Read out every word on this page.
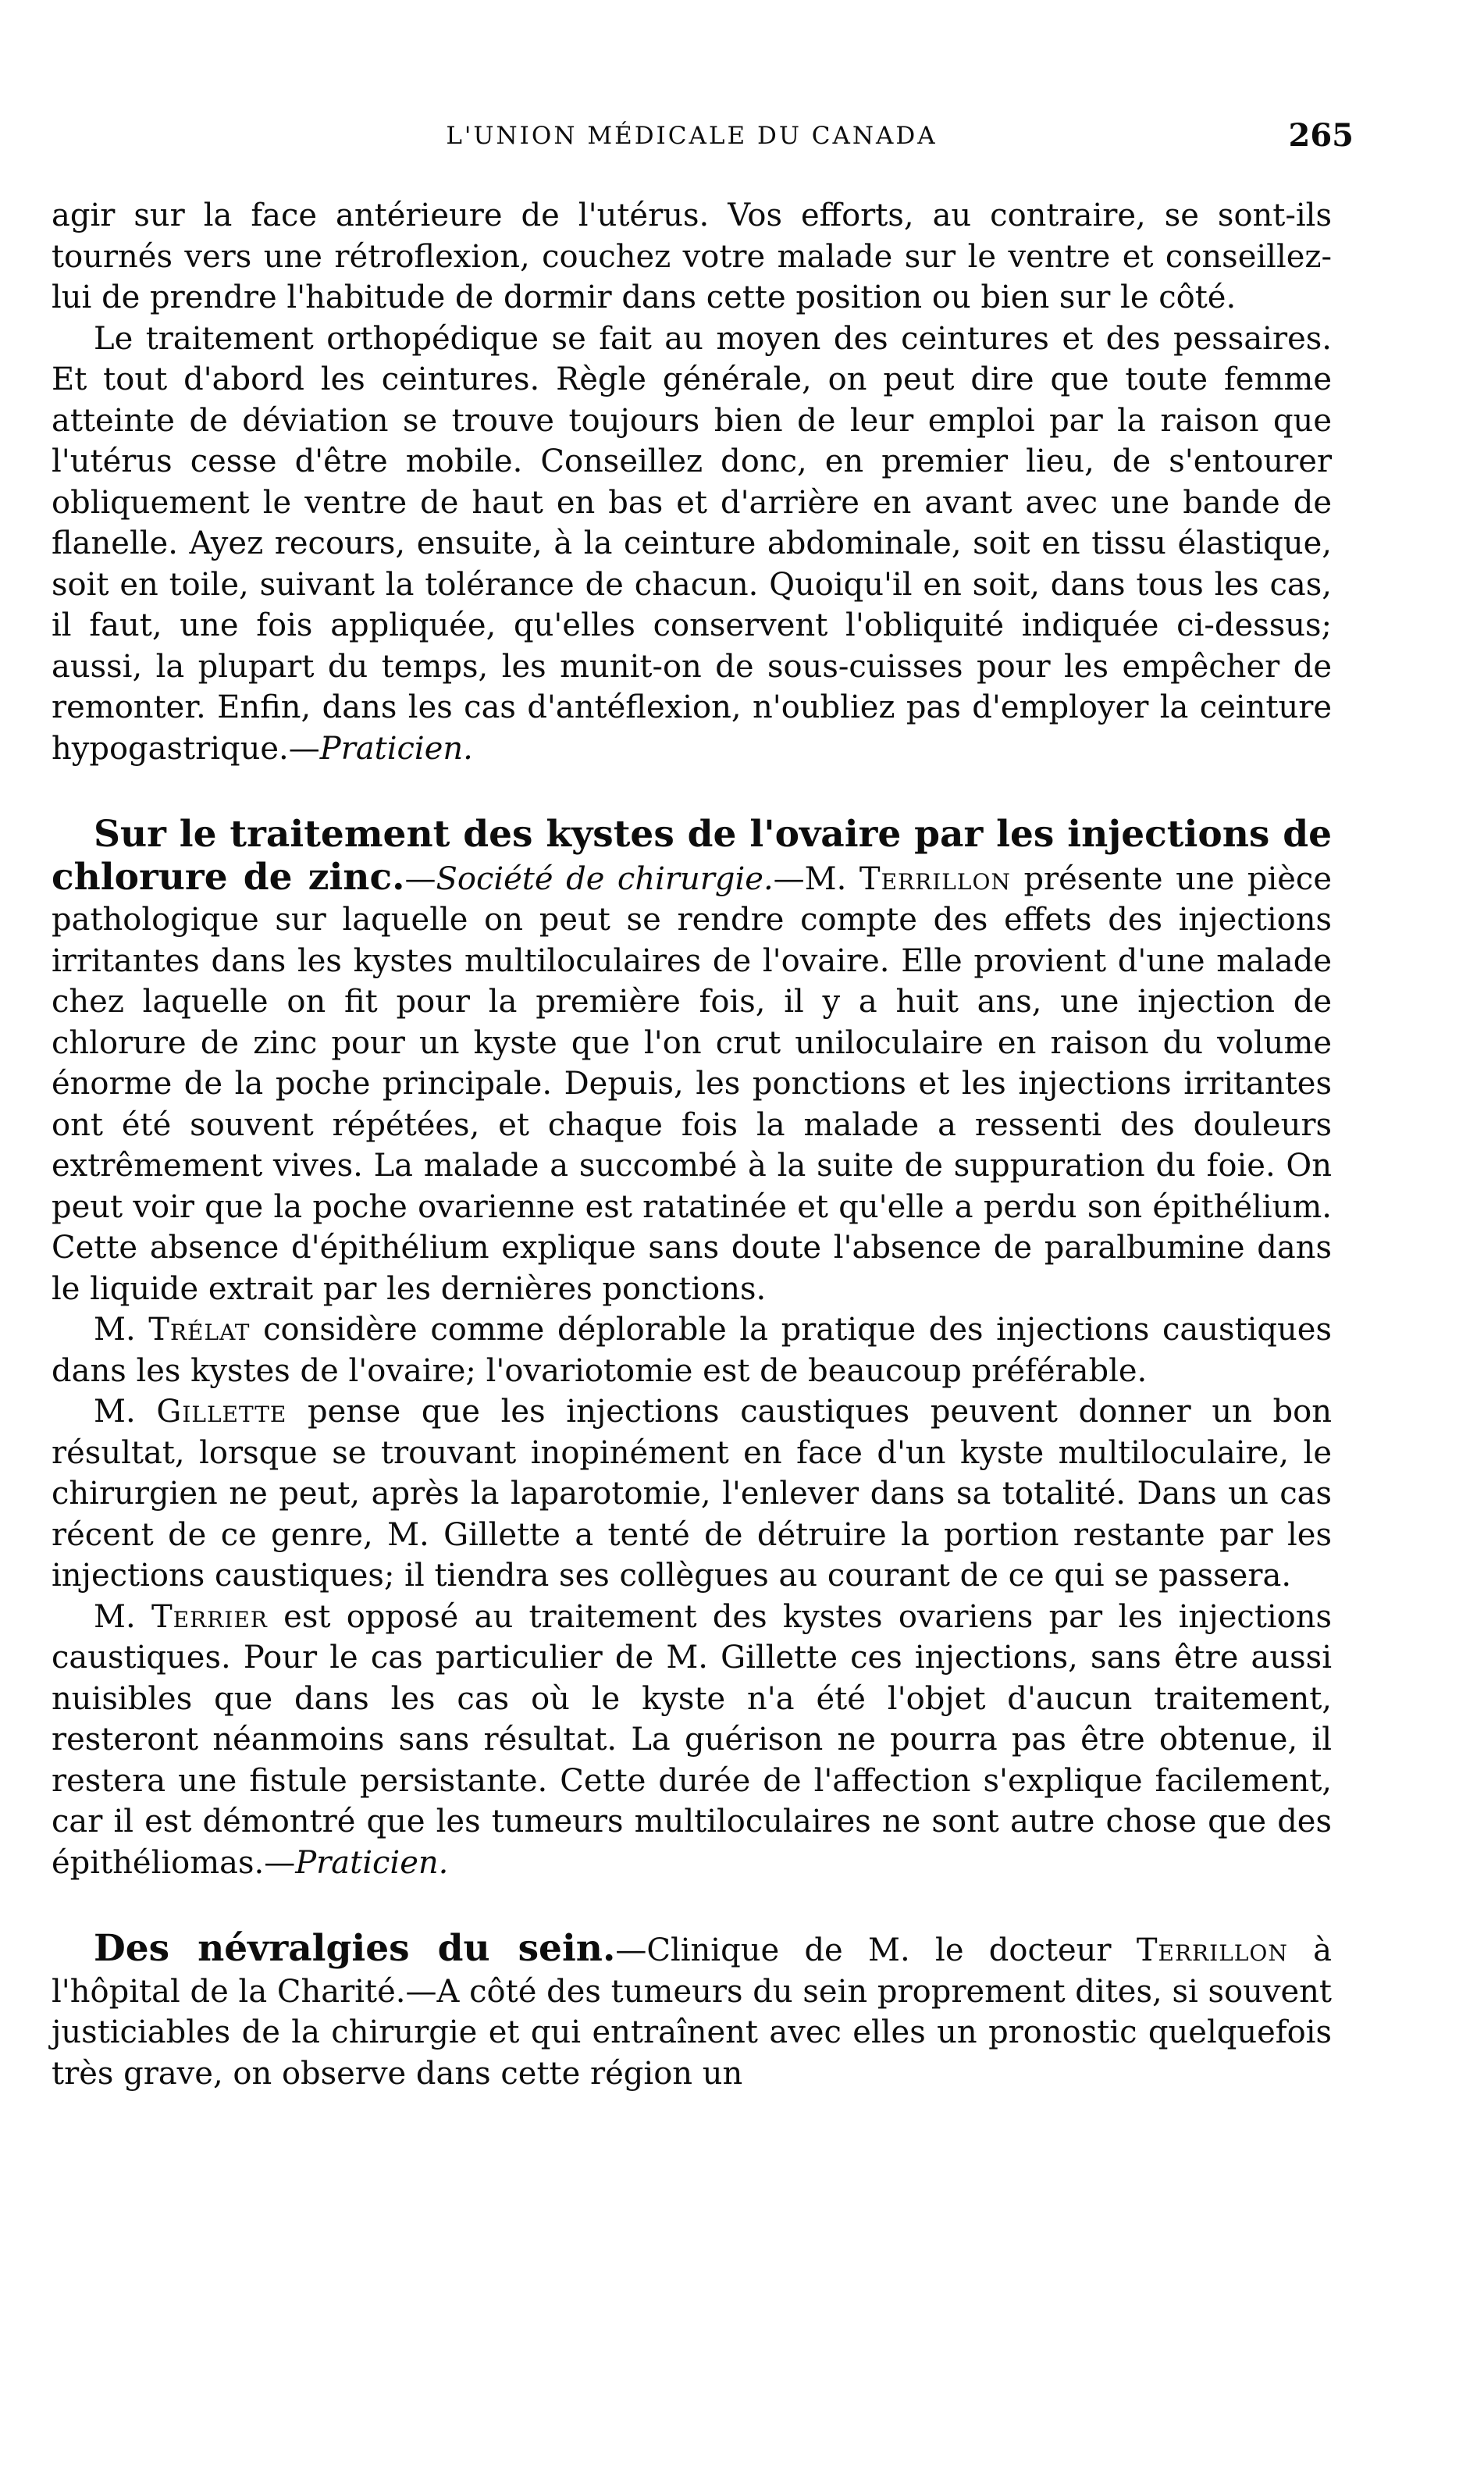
L'UNION MÉDICALE DU CANADA	265

agir sur la face antérieure de l'utérus. Vos efforts, au contraire, se sont-ils tournés vers une rétroflexion, couchez votre malade sur le ventre et conseillez-lui de prendre l'habitude de dormir dans cette position ou bien sur le côté.

Le traitement orthopédique se fait au moyen des ceintures et des pessaires. Et tout d'abord les ceintures. Règle générale, on peut dire que toute femme atteinte de déviation se trouve toujours bien de leur emploi par la raison que l'utérus cesse d'être mobile. Conseillez donc, en premier lieu, de s'entourer obliquement le ventre de haut en bas et d'arrière en avant avec une bande de flanelle. Ayez recours, ensuite, à la ceinture abdominale, soit en tissu élastique, soit en toile, suivant la tolérance de chacun. Quoiqu'il en soit, dans tous les cas, il faut, une fois appliquée, qu'elles conservent l'obliquité indiquée ci-dessus; aussi, la plupart du temps, les munit-on de sous-cuisses pour les empêcher de remonter. Enfin, dans les cas d'antéflexion, n'oubliez pas d'employer la ceinture hypogastrique.—Praticien.

Sur le traitement des kystes de l'ovaire par les injections de chlorure de zinc.—Société de chirurgie.—M. Terrillon présente une pièce pathologique sur laquelle on peut se rendre compte des effets des injections irritantes dans les kystes multiloculaires de l'ovaire. Elle provient d'une malade chez laquelle on fit pour la première fois, il y a huit ans, une injection de chlorure de zinc pour un kyste que l'on crut uniloculaire en raison du volume énorme de la poche principale. Depuis, les ponctions et les injections irritantes ont été souvent répétées, et chaque fois la malade a ressenti des douleurs extrêmement vives. La malade a succombé à la suite de suppuration du foie. On peut voir que la poche ovarienne est ratatinée et qu'elle a perdu son épithélium. Cette absence d'épithélium explique sans doute l'absence de paralbumine dans le liquide extrait par les dernières ponctions.

M. Trélat considère comme déplorable la pratique des injections caustiques dans les kystes de l'ovaire; l'ovariotomie est de beaucoup préférable.

M. Gillette pense que les injections caustiques peuvent donner un bon résultat, lorsque se trouvant inopinément en face d'un kyste multiloculaire, le chirurgien ne peut, après la laparotomie, l'enlever dans sa totalité. Dans un cas récent de ce genre, M. Gillette a tenté de détruire la portion restante par les injections caustiques; il tiendra ses collègues au courant de ce qui se passera.

M. Terrier est opposé au traitement des kystes ovariens par les injections caustiques. Pour le cas particulier de M. Gillette ces injections, sans être aussi nuisibles que dans les cas où le kyste n'a été l'objet d'aucun traitement, resteront néanmoins sans résultat. La guérison ne pourra pas être obtenue, il restera une fistule persistante. Cette durée de l'affection s'explique facilement, car il est démontré que les tumeurs multiloculaires ne sont autre chose que des épithéliomas.—Praticien.

Des névralgies du sein.—Clinique de M. le docteur Terrillon à l'hôpital de la Charité.—A côté des tumeurs du sein proprement dites, si souvent justiciables de la chirurgie et qui entraînent avec elles un pronostic quelquefois très grave, on observe dans cette région un
